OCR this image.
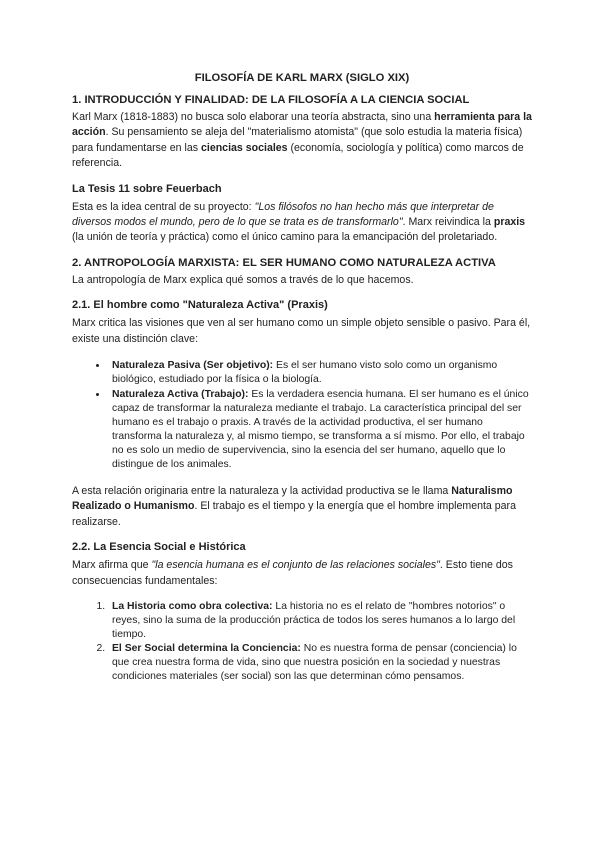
FILOSOFÍA DE KARL MARX (SIGLO XIX)
1. INTRODUCCIÓN Y FINALIDAD: DE LA FILOSOFÍA A LA CIENCIA SOCIAL

Karl Marx (1818-1883) no busca solo elaborar una teoría abstracta, sino una herramienta para la acción. Su pensamiento se aleja del "materialismo atomista" (que solo estudia la materia física) para fundamentarse en las ciencias sociales (economía, sociología y política) como marcos de referencia.

La Tesis 11 sobre Feuerbach

Esta es la idea central de su proyecto: "Los filósofos no han hecho más que interpretar de diversos modos el mundo, pero de lo que se trata es de transformarlo". Marx reivindica la praxis (la unión de teoría y práctica) como el único camino para la emancipación del proletariado.

2. ANTROPOLOGÍA MARXISTA: EL SER HUMANO COMO NATURALEZA ACTIVA

La antropología de Marx explica qué somos a través de lo que hacemos.

2.1. El hombre como "Naturaleza Activa" (Praxis)

Marx critica las visiones que ven al ser humano como un simple objeto sensible o pasivo. Para él, existe una distinción clave:

• Naturaleza Pasiva (Ser objetivo): Es el ser humano visto solo como un organismo biológico, estudiado por la física o la biología.
• Naturaleza Activa (Trabajo): Es la verdadera esencia humana. El ser humano es el único capaz de transformar la naturaleza mediante el trabajo. La característica principal del ser humano es el trabajo o praxis. A través de la actividad productiva, el ser humano transforma la naturaleza y, al mismo tiempo, se transforma a sí mismo. Por ello, el trabajo no es solo un medio de supervivencia, sino la esencia del ser humano, aquello que lo distingue de los animales.

A esta relación originaria entre la naturaleza y la actividad productiva se le llama Naturalismo Realizado o Humanismo. El trabajo es el tiempo y la energía que el hombre implementa para realizarse.

2.2. La Esencia Social e Histórica

Marx afirma que "la esencia humana es el conjunto de las relaciones sociales". Esto tiene dos consecuencias fundamentales:

1. La Historia como obra colectiva: La historia no es el relato de "hombres notorios" o reyes, sino la suma de la producción práctica de todos los seres humanos a lo largo del tiempo.
2. El Ser Social determina la Conciencia: No es nuestra forma de pensar (conciencia) lo que crea nuestra forma de vida, sino que nuestra posición en la sociedad y nuestras condiciones materiales (ser social) son las que determinan cómo pensamos.
